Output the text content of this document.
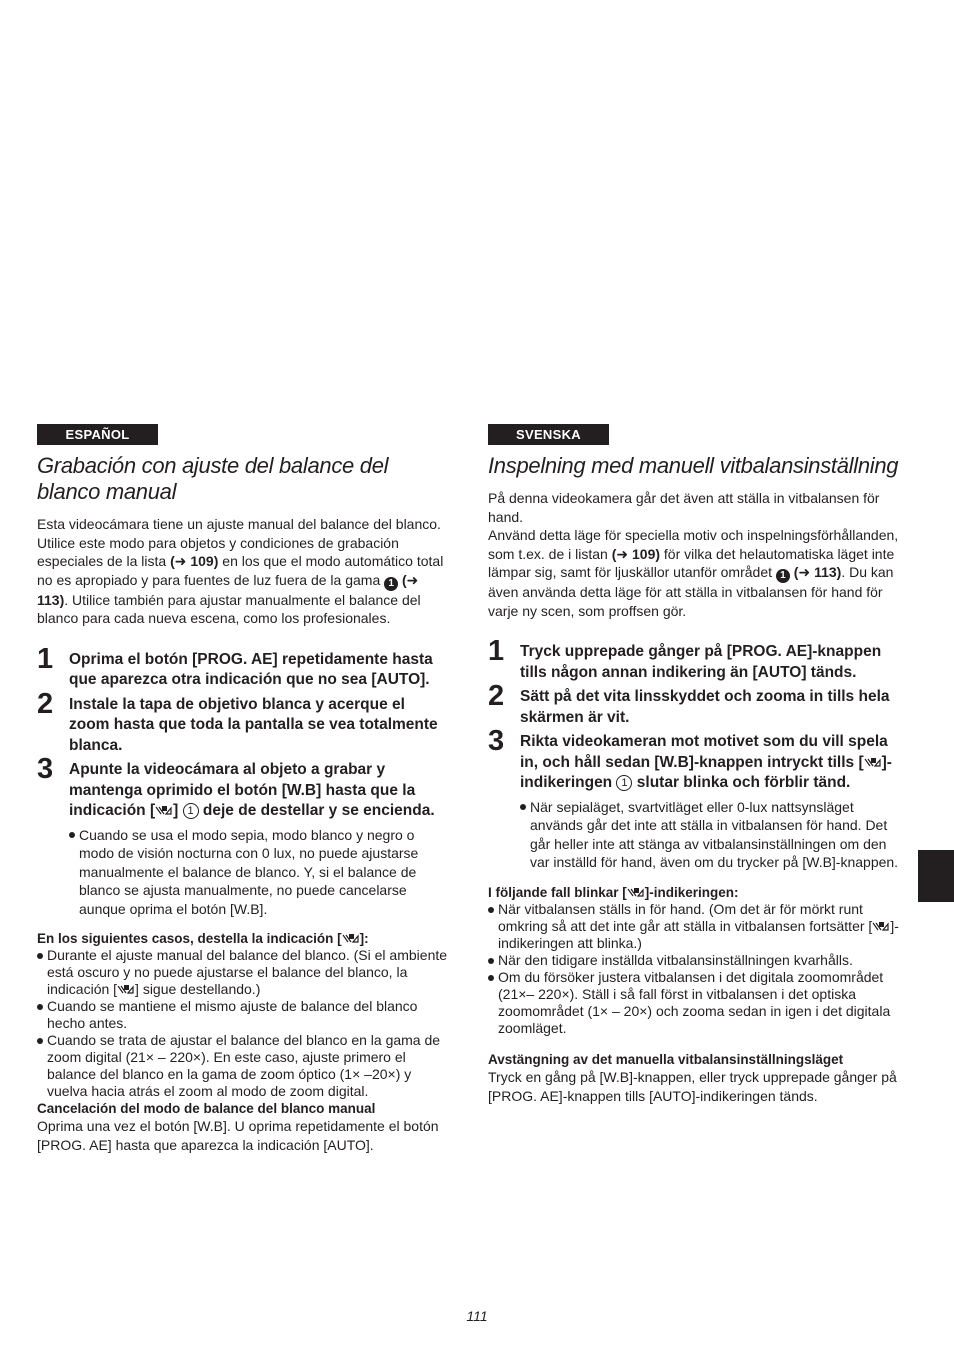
ESPAÑOL
Grabación con ajuste del balance del blanco manual

Esta videocámara tiene un ajuste manual del balance del blanco.

Utilice este modo para objetos y condiciones de grabación especiales de la lista (➜ 109) en los que el modo automático total no es apropiado y para fuentes de luz fuera de la gama 1 (➜ 113). Utilice también para ajustar manualmente el balance del blanco para cada nueva escena, como los profesionales.

1 Oprima el botón [PROG. AE] repetidamente hasta que aparezca otra indicación que no sea [AUTO].
2 Instale la tapa de objetivo blanca y acerque el zoom hasta que toda la pantalla se vea totalmente blanca.
3 Apunte la videocámara al objeto a grabar y mantenga oprimido el botón [W.B] hasta que la indicación [ ] 1 deje de destellar y se encienda.
Cuando se usa el modo sepia, modo blanco y negro o modo de visión nocturna con 0 lux, no puede ajustarse manualmente el balance de blanco. Y, si el balance de blanco se ajusta manualmente, no puede cancelarse aunque oprima el botón [W.B].
En los siguientes casos, destella la indicación [ ]:
Durante el ajuste manual del balance del blanco. (Si el ambiente está oscuro y no puede ajustarse el balance del blanco, la indicación [ ] sigue destellando.)
Cuando se mantiene el mismo ajuste de balance del blanco hecho antes.
Cuando se trata de ajustar el balance del blanco en la gama de zoom digital (21× – 220×). En este caso, ajuste primero el balance del blanco en la gama de zoom óptico (1× –20×) y vuelva hacia atrás el zoom al modo de zoom digital.
Cancelación del modo de balance del blanco manual
Oprima una vez el botón [W.B]. U oprima repetidamente el botón [PROG. AE] hasta que aparezca la indicación [AUTO].
SVENSKA
Inspelning med manuell vitbalansinställning

På denna videokamera går det även att ställa in vitbalansen för hand.

Använd detta läge för speciella motiv och inspelningsförhållanden, som t.ex. de i listan (➜ 109) för vilka det helautomatiska läget inte lämpar sig, samt för ljuskällor utanför området 1 (➜ 113). Du kan även använda detta läge för att ställa in vitbalansen för hand för varje ny scen, som proffsen gör.

1 Tryck upprepade gånger på [PROG. AE]-knappen tills någon annan indikering än [AUTO] tänds.
2 Sätt på det vita linsskyddet och zooma in tills hela skärmen är vit.
3 Rikta videokameran mot motivet som du vill spela in, och håll sedan [W.B]-knappen intryckt tills [ ]-indikeringen 1 slutar blinka och förblir tänd.
När sepialäget, svartvitläget eller 0-lux nattsynsläget används går det inte att ställa in vitbalansen för hand. Det går heller inte att stänga av vitbalansinställningen om den var inställd för hand, även om du trycker på [W.B]-knappen.
I följande fall blinkar [ ]-indikeringen:
När vitbalansen ställs in för hand. (Om det är för mörkt runt omkring så att det inte går att ställa in vitbalansen fortsätter [ ]-indikeringen att blinka.)
När den tidigare inställda vitbalansinställningen kvarhålls.
Om du försöker justera vitbalansen i det digitala zoomområdet (21×– 220×). Ställ i så fall först in vitbalansen i det optiska zoomområdet (1× – 20×) och zooma sedan in igen i det digitala zoomläget.
Avstängning av det manuella vitbalansinställningsläget
Tryck en gång på [W.B]-knappen, eller tryck upprepade gånger på [PROG. AE]-knappen tills [AUTO]-indikeringen tänds.
111
